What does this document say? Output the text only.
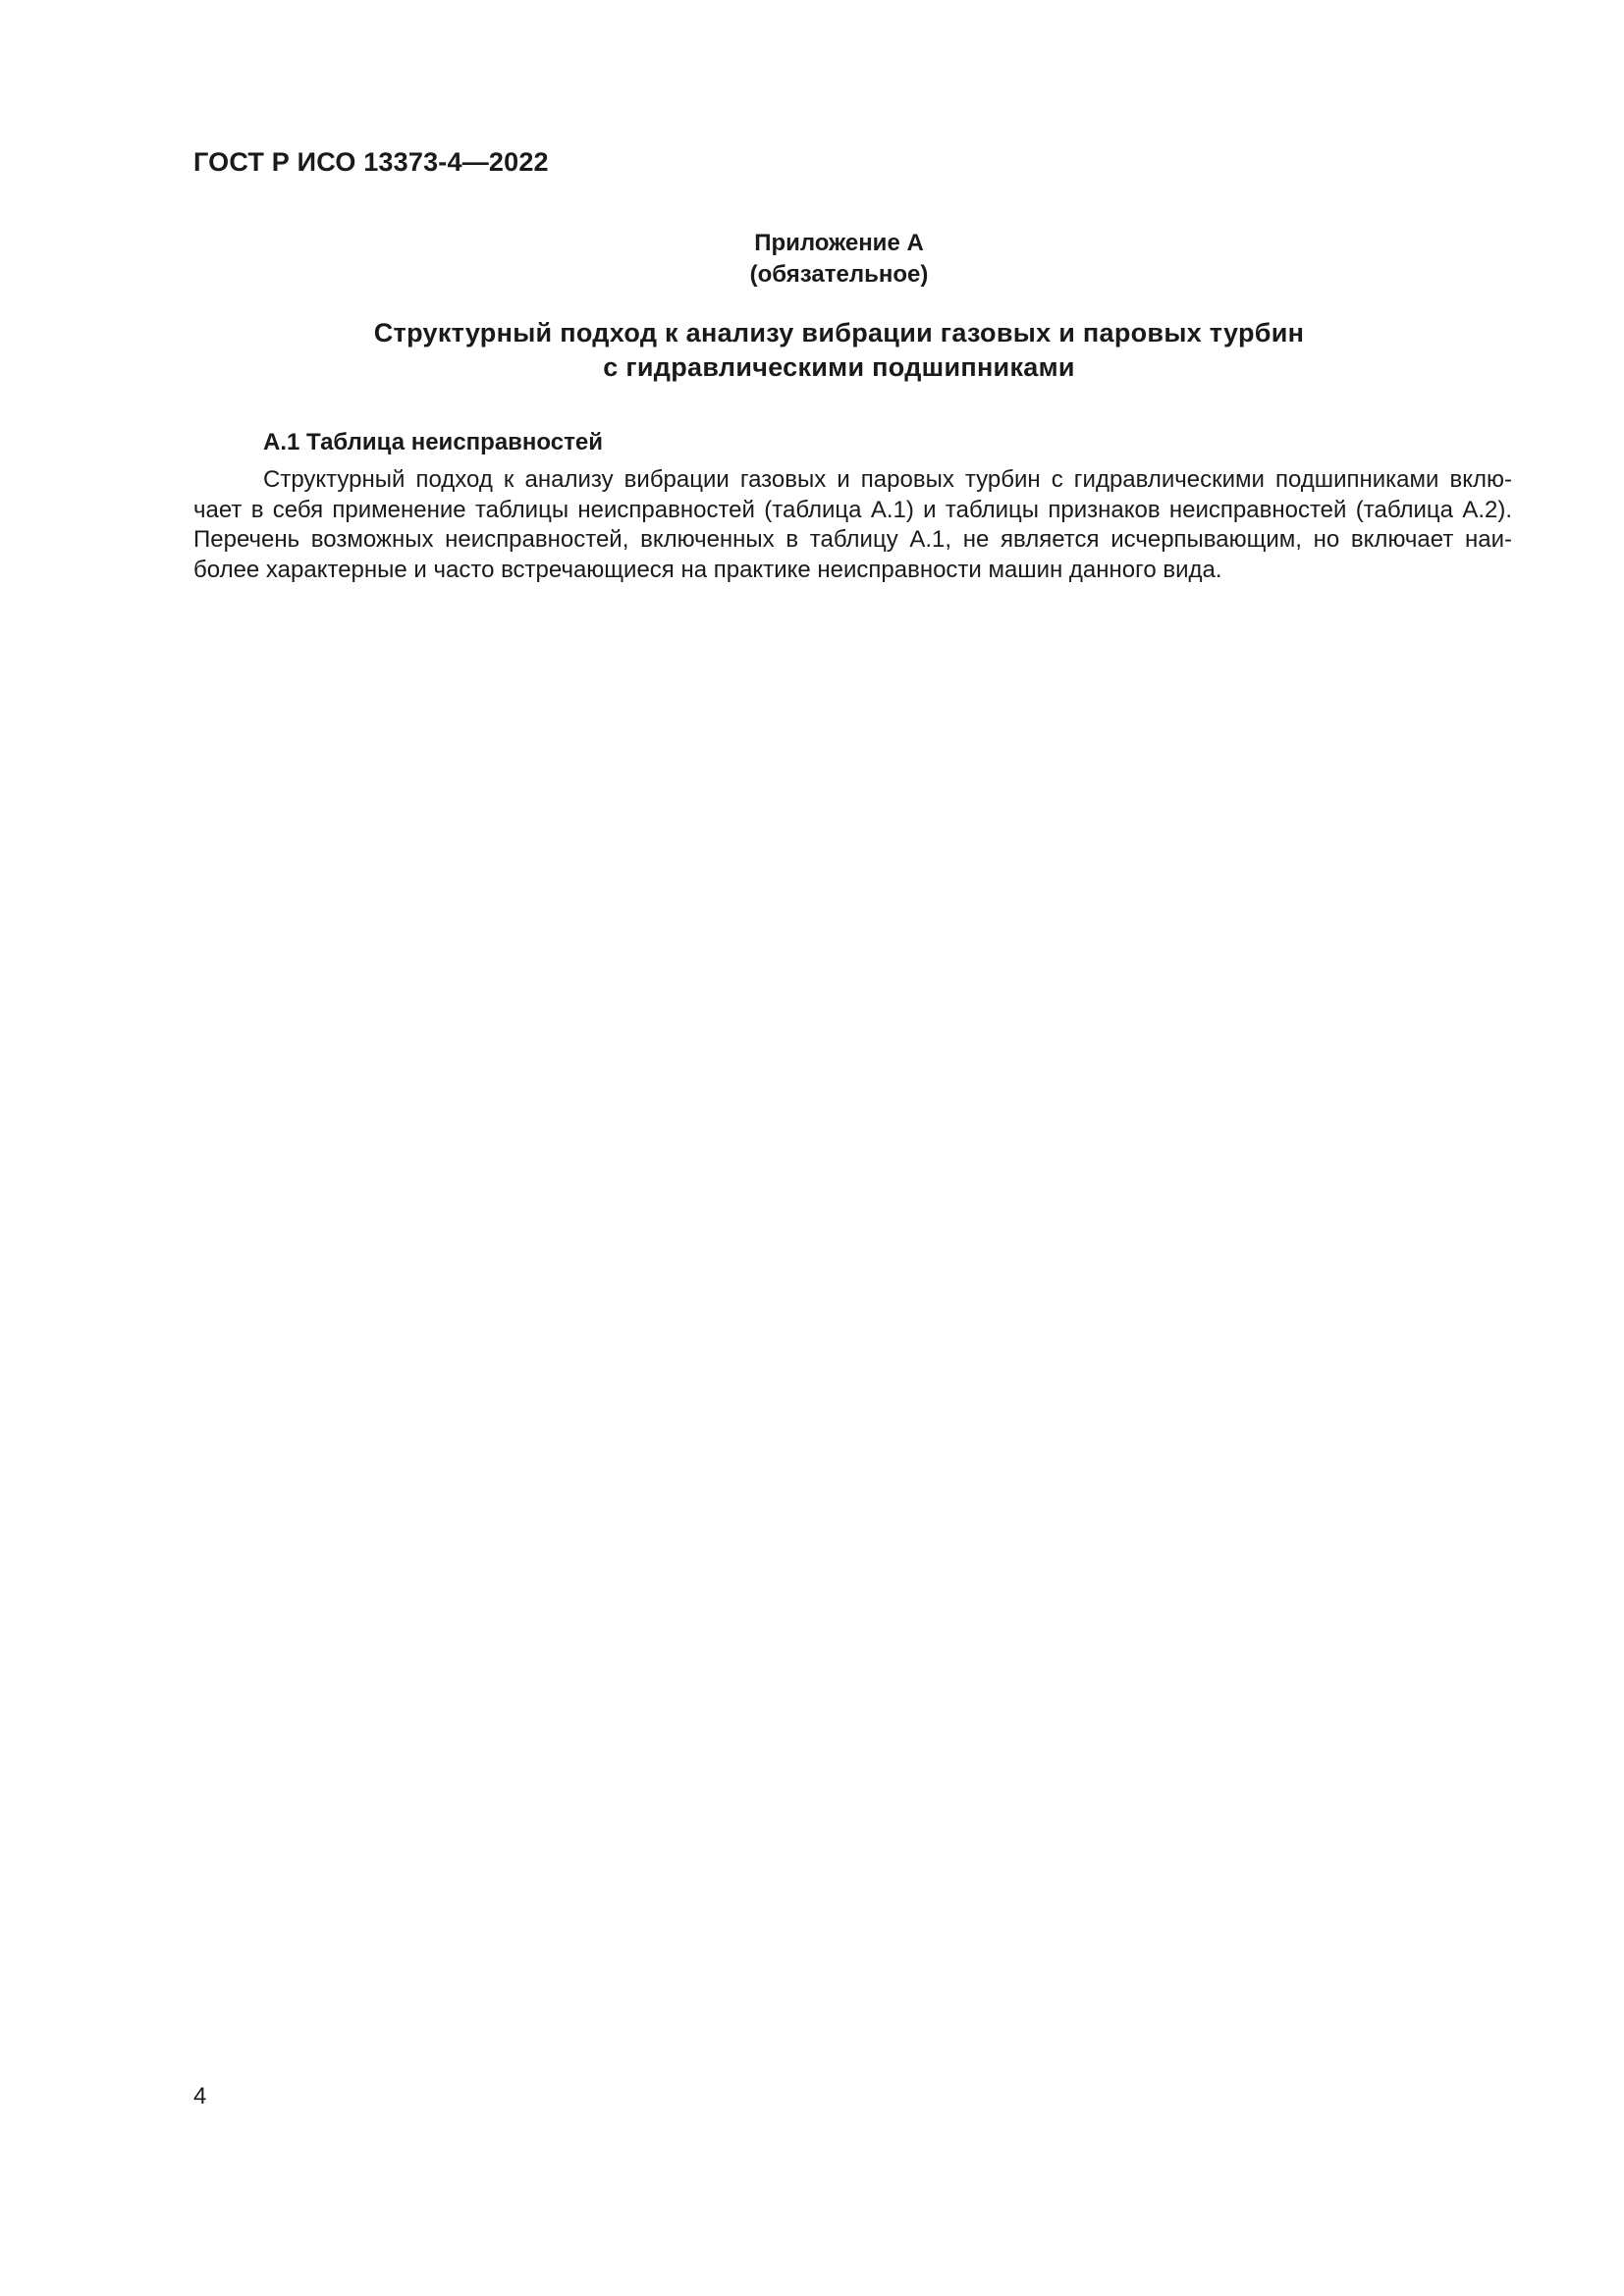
ГОСТ Р ИСО 13373-4—2022
Приложение А
(обязательное)
Структурный подход к анализу вибрации газовых и паровых турбин
с гидравлическими подшипниками
А.1 Таблица неисправностей
Структурный подход к анализу вибрации газовых и паровых турбин с гидравлическими подшипниками вклю-
чает в себя применение таблицы неисправностей (таблица А.1) и таблицы признаков неисправностей (таблица А.2).
Перечень возможных неисправностей, включенных в таблицу А.1, не является исчерпывающим, но включает наи-
более характерные и часто встречающиеся на практике неисправности машин данного вида.
4
